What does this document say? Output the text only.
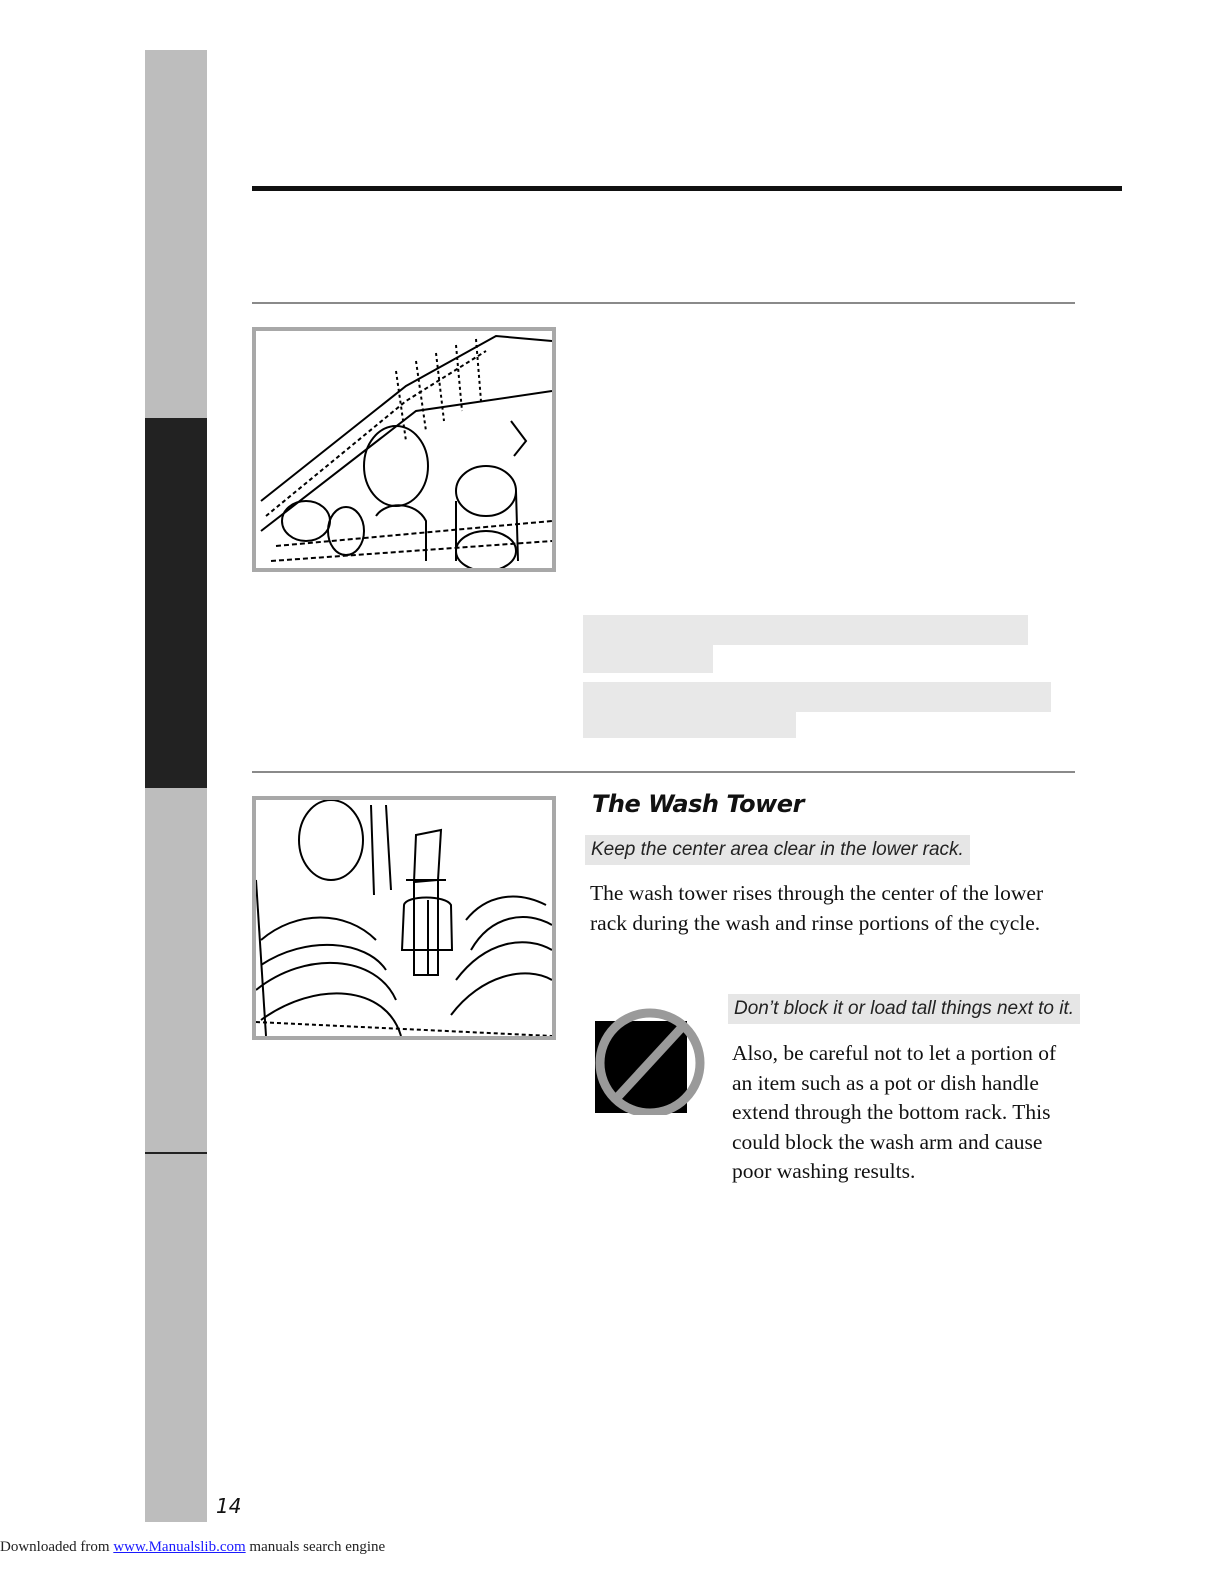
The Wash Tower
Keep the center area clear in the lower rack.

The wash tower rises through the center of the lower rack during the wash and rinse portions of the cycle.

Don’t block it or load tall things next to it.

Also, be careful not to let a portion of an item such as a pot or dish handle extend through the bottom rack. This could block the wash arm and cause poor washing results.

14

Downloaded from www.Manualslib.com manuals search engine
